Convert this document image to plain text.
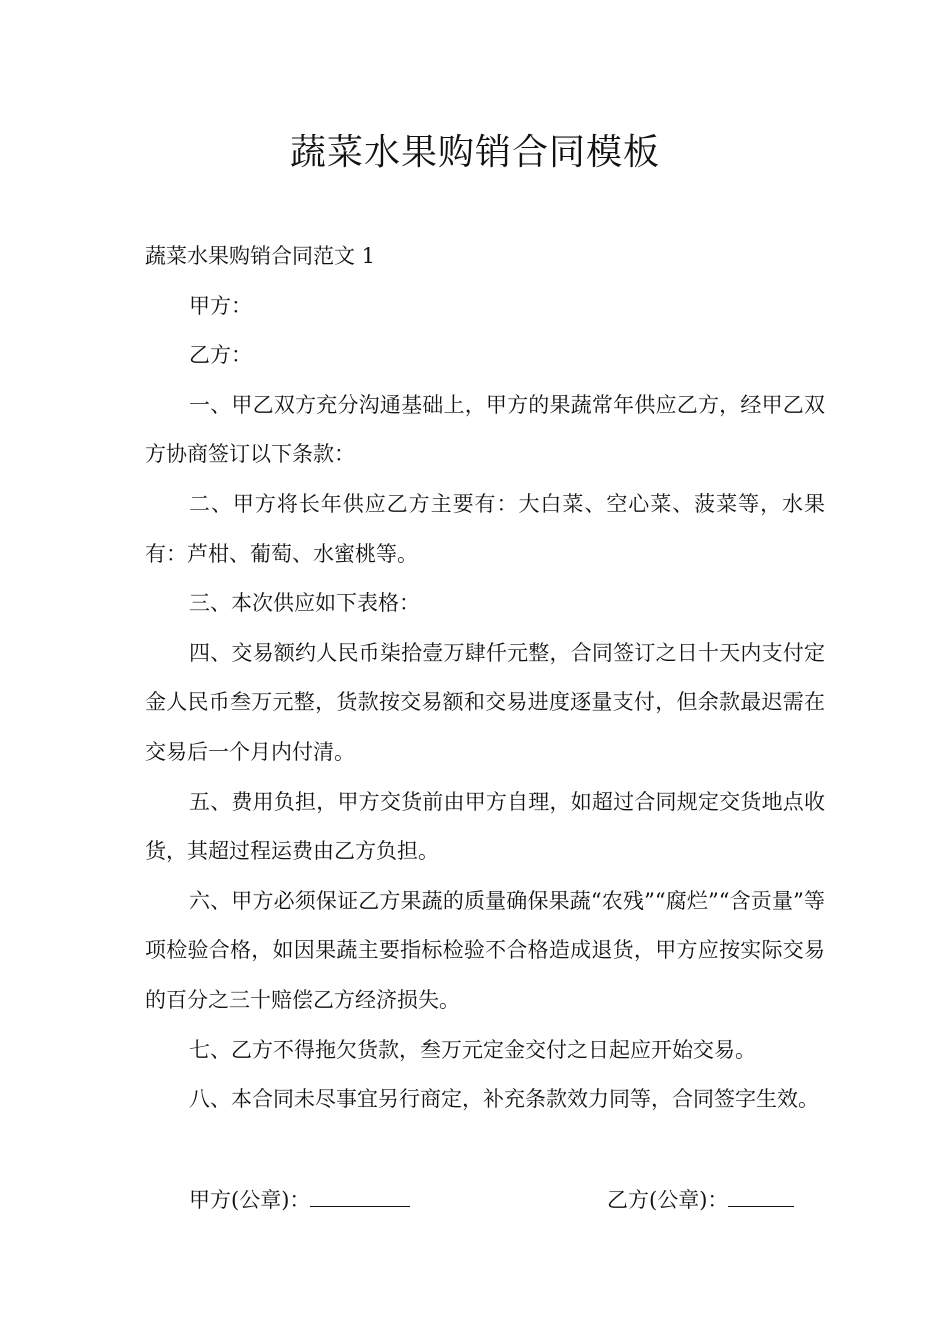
蔬菜水果购销合同模板

蔬菜水果购销合同范文 1

甲方：

乙方：

一、甲乙双方充分沟通基础上，甲方的果蔬常年供应乙方，经甲乙双方协商签订以下条款：

二、甲方将长年供应乙方主要有：大白菜、空心菜、菠菜等，水果有：芦柑、葡萄、水蜜桃等。

三、本次供应如下表格：

四、交易额约人民币柒拾壹万肆仟元整，合同签订之日十天内支付定金人民币叁万元整，货款按交易额和交易进度逐量支付，但余款最迟需在交易后一个月内付清。

五、费用负担，甲方交货前由甲方自理，如超过合同规定交货地点收货，其超过程运费由乙方负担。

六、甲方必须保证乙方果蔬的质量确保果蔬“农残”“腐烂”“含贡量”等项检验合格，如因果蔬主要指标检验不合格造成退货，甲方应按实际交易的百分之三十赔偿乙方经济损失。

七、乙方不得拖欠货款，叁万元定金交付之日起应开始交易。

八、本合同未尽事宜另行商定，补充条款效力同等，合同签字生效。

甲方(公章)：	乙方(公章)：
